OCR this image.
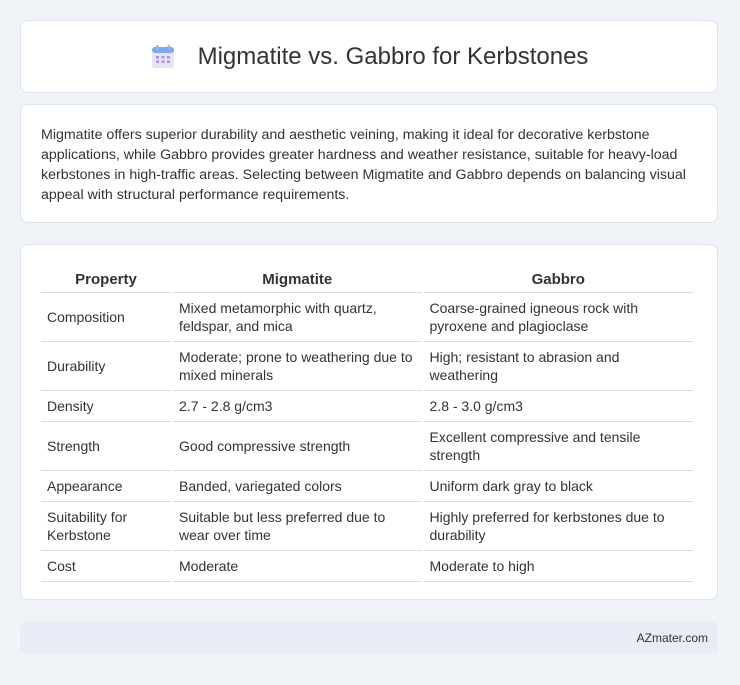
Migmatite vs. Gabbro for Kerbstones

Migmatite offers superior durability and aesthetic veining, making it ideal for decorative kerbstone applications, while Gabbro provides greater hardness and weather resistance, suitable for heavy-load kerbstones in high-traffic areas. Selecting between Migmatite and Gabbro depends on balancing visual appeal with structural performance requirements.

Property	Migmatite	Gabbro
Composition	Mixed metamorphic with quartz, feldspar, and mica	Coarse-grained igneous rock with pyroxene and plagioclase
Durability	Moderate; prone to weathering due to mixed minerals	High; resistant to abrasion and weathering
Density	2.7 - 2.8 g/cm3	2.8 - 3.0 g/cm3
Strength	Good compressive strength	Excellent compressive and tensile strength
Appearance	Banded, variegated colors	Uniform dark gray to black
Suitability for Kerbstone	Suitable but less preferred due to wear over time	Highly preferred for kerbstones due to durability
Cost	Moderate	Moderate to high
AZmater.com
